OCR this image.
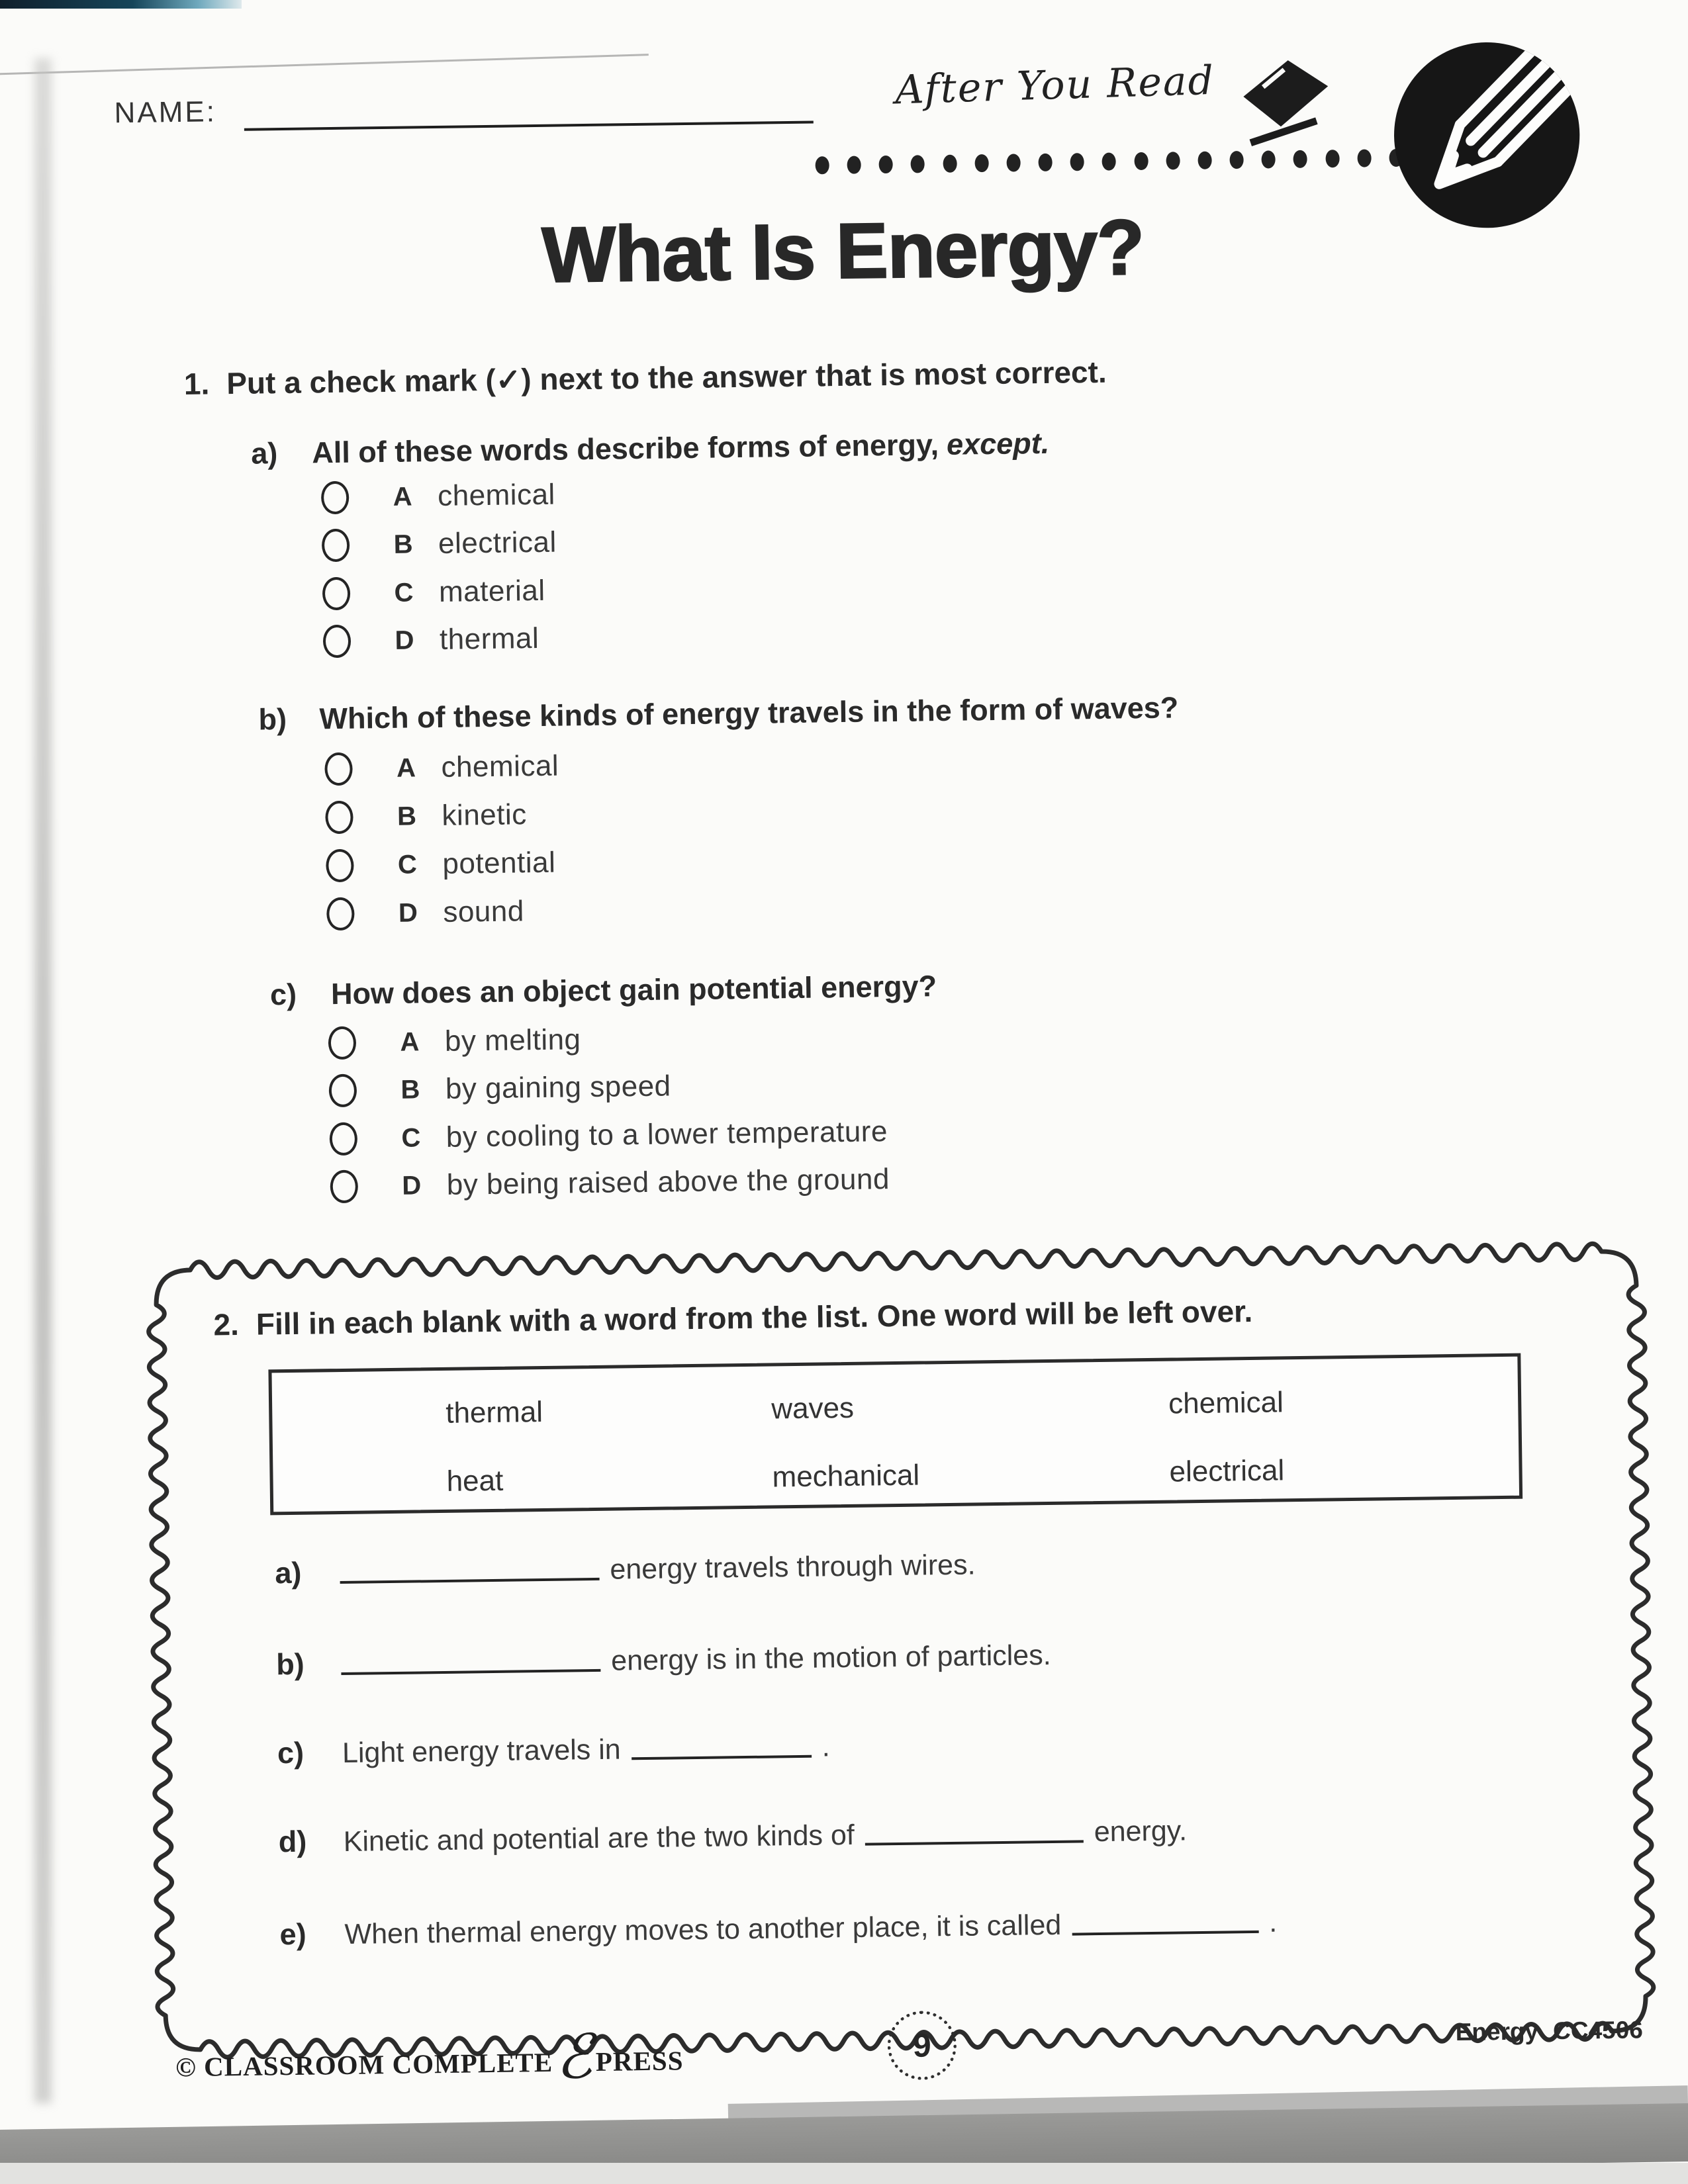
NAME:	After You Read
What Is Energy?
1. Put a check mark (✓) next to the answer that is most correct.
a)	All of these words describe forms of energy, except.
A chemical
B electrical
C material
D thermal
b)	Which of these kinds of energy travels in the form of waves?
A chemical
B kinetic
C potential
D sound
c)	How does an object gain potential energy?
A by melting
B by gaining speed
C by cooling to a lower temperature
D by being raised above the ground
2. Fill in each blank with a word from the list. One word will be left over.
thermal	waves	chemical
heat	mechanical	electrical
a)	energy travels through wires.
b)	energy is in the motion of particles.
c)	Light energy travels in	.
d)	Kinetic and potential are the two kinds of	energy.
e)	When thermal energy moves to another place, it is called	.
© CLASSROOM COMPLETE ℰ PRESS	9	Energy CC4506
